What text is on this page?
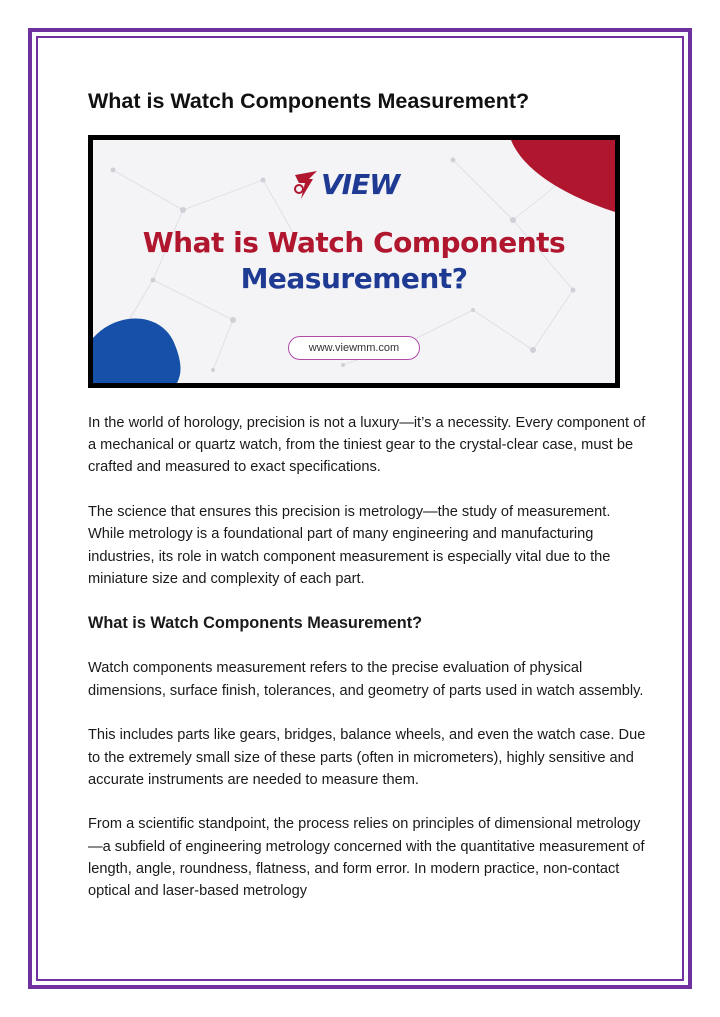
What is Watch Components Measurement?
VIEW
What is Watch Components
Measurement?
www.viewmm.com

In the world of horology, precision is not a luxury—it’s a necessity. Every component of a mechanical or quartz watch, from the tiniest gear to the crystal-clear case, must be crafted and measured to exact specifications.

The science that ensures this precision is metrology—the study of measurement. While metrology is a foundational part of many engineering and manufacturing industries, its role in watch component measurement is especially vital due to the miniature size and complexity of each part.

What is Watch Components Measurement?

Watch components measurement refers to the precise evaluation of physical dimensions, surface finish, tolerances, and geometry of parts used in watch assembly.

This includes parts like gears, bridges, balance wheels, and even the watch case. Due to the extremely small size of these parts (often in micrometers), highly sensitive and accurate instruments are needed to measure them.

From a scientific standpoint, the process relies on principles of dimensional metrology—a subfield of engineering metrology concerned with the quantitative measurement of length, angle, roundness, flatness, and form error. In modern practice, non-contact optical and laser-based metrology
